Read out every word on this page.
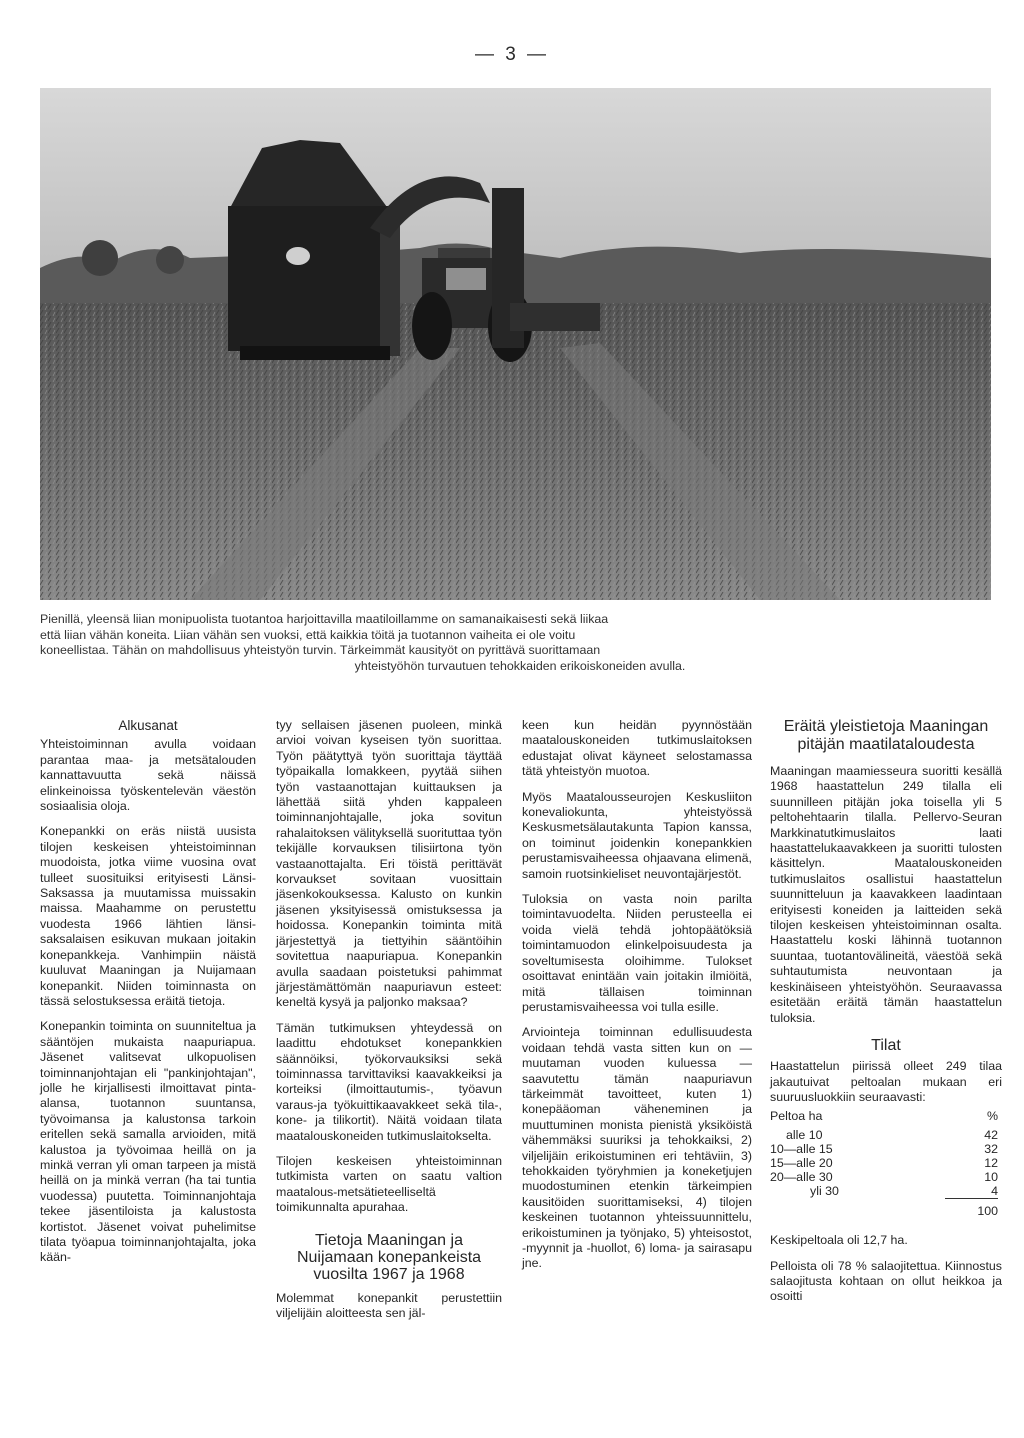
— 3 —

Pienillä, yleensä liian monipuolista tuotantoa harjoittavilla maatiloillamme on samanaikaisesti sekä liikaa

että liian vähän koneita. Liian vähän sen vuoksi, että kaikkia töitä ja tuotannon vaiheita ei ole voitu

koneellistaa. Tähän on mahdollisuus yhteistyön turvin. Tärkeimmät kausityöt on pyrittävä suorittamaan

yhteistyöhön turvautuen tehokkaiden erikoiskoneiden avulla.

Alkusanat

Yhteistoiminnan avulla voidaan parantaa maa- ja metsätalouden kannattavuutta sekä näissä elinkeinoissa työskentelevän väestön sosiaalisia oloja.

Konepankki on eräs niistä uusista tilojen keskeisen yhteistoiminnan muodoista, jotka viime vuosina ovat tulleet suosituiksi erityisesti Länsi-Saksassa ja muutamissa muissakin maissa. Maahamme on perustettu vuodesta 1966 lähtien länsi-saksalaisen esikuvan mukaan joitakin konepankkeja. Vanhimpiin näistä kuuluvat Maaningan ja Nuijamaan konepankit. Niiden toiminnasta on tässä selostuksessa eräitä tietoja.

Konepankin toiminta on suunniteltua ja sääntöjen mukaista naapuriapua. Jäsenet valitsevat ulkopuolisen toiminnanjohtajan eli "pankinjohtajan", jolle he kirjallisesti ilmoittavat pinta-alansa, tuotannon suuntansa, työvoimansa ja kalustonsa tarkoin eritellen sekä samalla arvioiden, mitä kalustoa ja työvoimaa heillä on ja minkä verran yli oman tarpeen ja mistä heillä on ja minkä verran (ha tai tuntia vuodessa) puutetta. Toiminnanjohtaja tekee jäsentiloista ja kalustosta kortistot. Jäsenet voivat puhelimitse tilata työapua toiminnanjohtajalta, joka kään-

tyy sellaisen jäsenen puoleen, minkä arvioi voivan kyseisen työn suorittaa. Työn päätyttyä työn suorittaja täyttää työpaikalla lomakkeen, pyytää siihen työn vastaanottajan kuittauksen ja lähettää siitä yhden kappaleen toiminnanjohtajalle, joka sovitun rahalaitoksen välityksellä suorituttaa työn tekijälle korvauksen tilisiirtona työn vastaanottajalta. Eri töistä perittävät korvaukset sovitaan vuosittain jäsenkokouksessa. Kalusto on kunkin jäsenen yksityisessä omistuksessa ja hoidossa. Konepankin toiminta mitä järjestettyä ja tiettyihin sääntöihin sovitettua naapuriapua. Konepankin avulla saadaan poistetuksi pahimmat järjestämättömän naapuriavun esteet: keneltä kysyä ja paljonko maksaa?

Tämän tutkimuksen yhteydessä on laadittu ehdotukset konepankkien säännöiksi, työkorvauksiksi sekä toiminnassa tarvittaviksi kaavakkeiksi ja korteiksi (ilmoittautumis-, työavun varaus-ja työkuittikaavakkeet sekä tila-, kone- ja tilikortit). Näitä voidaan tilata maatalouskoneiden tutkimuslaitokselta.

Tilojen keskeisen yhteistoiminnan tutkimista varten on saatu valtion maatalous-metsätieteelliseltä toimikunnalta apurahaa.

Tietoja Maaningan ja Nuijamaan konepankeista vuosilta 1967 ja 1968

Molemmat konepankit perustettiin viljelijäin aloitteesta sen jäl-

keen kun heidän pyynnöstään maatalouskoneiden tutkimuslaitoksen edustajat olivat käyneet selostamassa tätä yhteistyön muotoa.

Myös Maatalousseurojen Keskusliiton konevaliokunta, yhteistyössä Keskusmetsälautakunta Tapion kanssa, on toiminut joidenkin konepankkien perustamisvaiheessa ohjaavana elimenä, samoin ruotsinkieliset neuvontajärjestöt.

Tuloksia on vasta noin parilta toimintavuodelta. Niiden perusteella ei voida vielä tehdä johtopäätöksiä toimintamuodon elinkelpoisuudesta ja soveltumisesta oloihimme. Tulokset osoittavat enintään vain joitakin ilmiöitä, mitä tällaisen toiminnan perustamisvaiheessa voi tulla esille.

Arviointeja toiminnan edullisuudesta voidaan tehdä vasta sitten kun on — muutaman vuoden kuluessa — saavutettu tämän naapuriavun tärkeimmät tavoitteet, kuten 1) konepääoman väheneminen ja muuttuminen monista pienistä yksiköistä vähemmäksi suuriksi ja tehokkaiksi, 2) viljelijäin erikoistuminen eri tehtäviin, 3) tehokkaiden työryhmien ja koneketjujen muodostuminen etenkin tärkeimpien kausitöiden suorittamiseksi, 4) tilojen keskeinen tuotannon yhteissuunnittelu, erikoistuminen ja työnjako, 5) yhteisostot, -myynnit ja -huollot, 6) loma- ja sairasapu jne.

Eräitä yleistietoja Maaningan pitäjän maatilataloudesta

Maaningan maamiesseura suoritti kesällä 1968 haastattelun 249 tilalla eli suunnilleen pitäjän joka toisella yli 5 peltohehtaarin tilalla. Pellervo-Seuran Markkinatutkimuslaitos laati haastattelukaavakkeen ja suoritti tulosten käsittelyn. Maatalouskoneiden tutkimuslaitos osallistui haastattelun suunnitteluun ja kaavakkeen laadintaan erityisesti koneiden ja laitteiden sekä tilojen keskeisen yhteistoiminnan osalta. Haastattelu koski lähinnä tuotannon suuntaa, tuotantovälineitä, väestöä sekä suhtautumista neuvontaan ja keskinäiseen yhteistyöhön. Seuraavassa esitetään eräitä tämän haastattelun tuloksia.

Tilat

Haastattelun piirissä olleet 249 tilaa jakautuivat peltoalan mukaan eri suuruusluokkiin seuraavasti:

Peltoa ha	%

alle 10	42
10—alle 15	32
15—alle 20	12
20—alle 30	10
yli 30	4
	100

Keskipeltoala oli 12,7 ha.

Pelloista oli 78 % salaojitettua. Kiinnostus salaojitusta kohtaan on ollut heikkoa ja osoitti
